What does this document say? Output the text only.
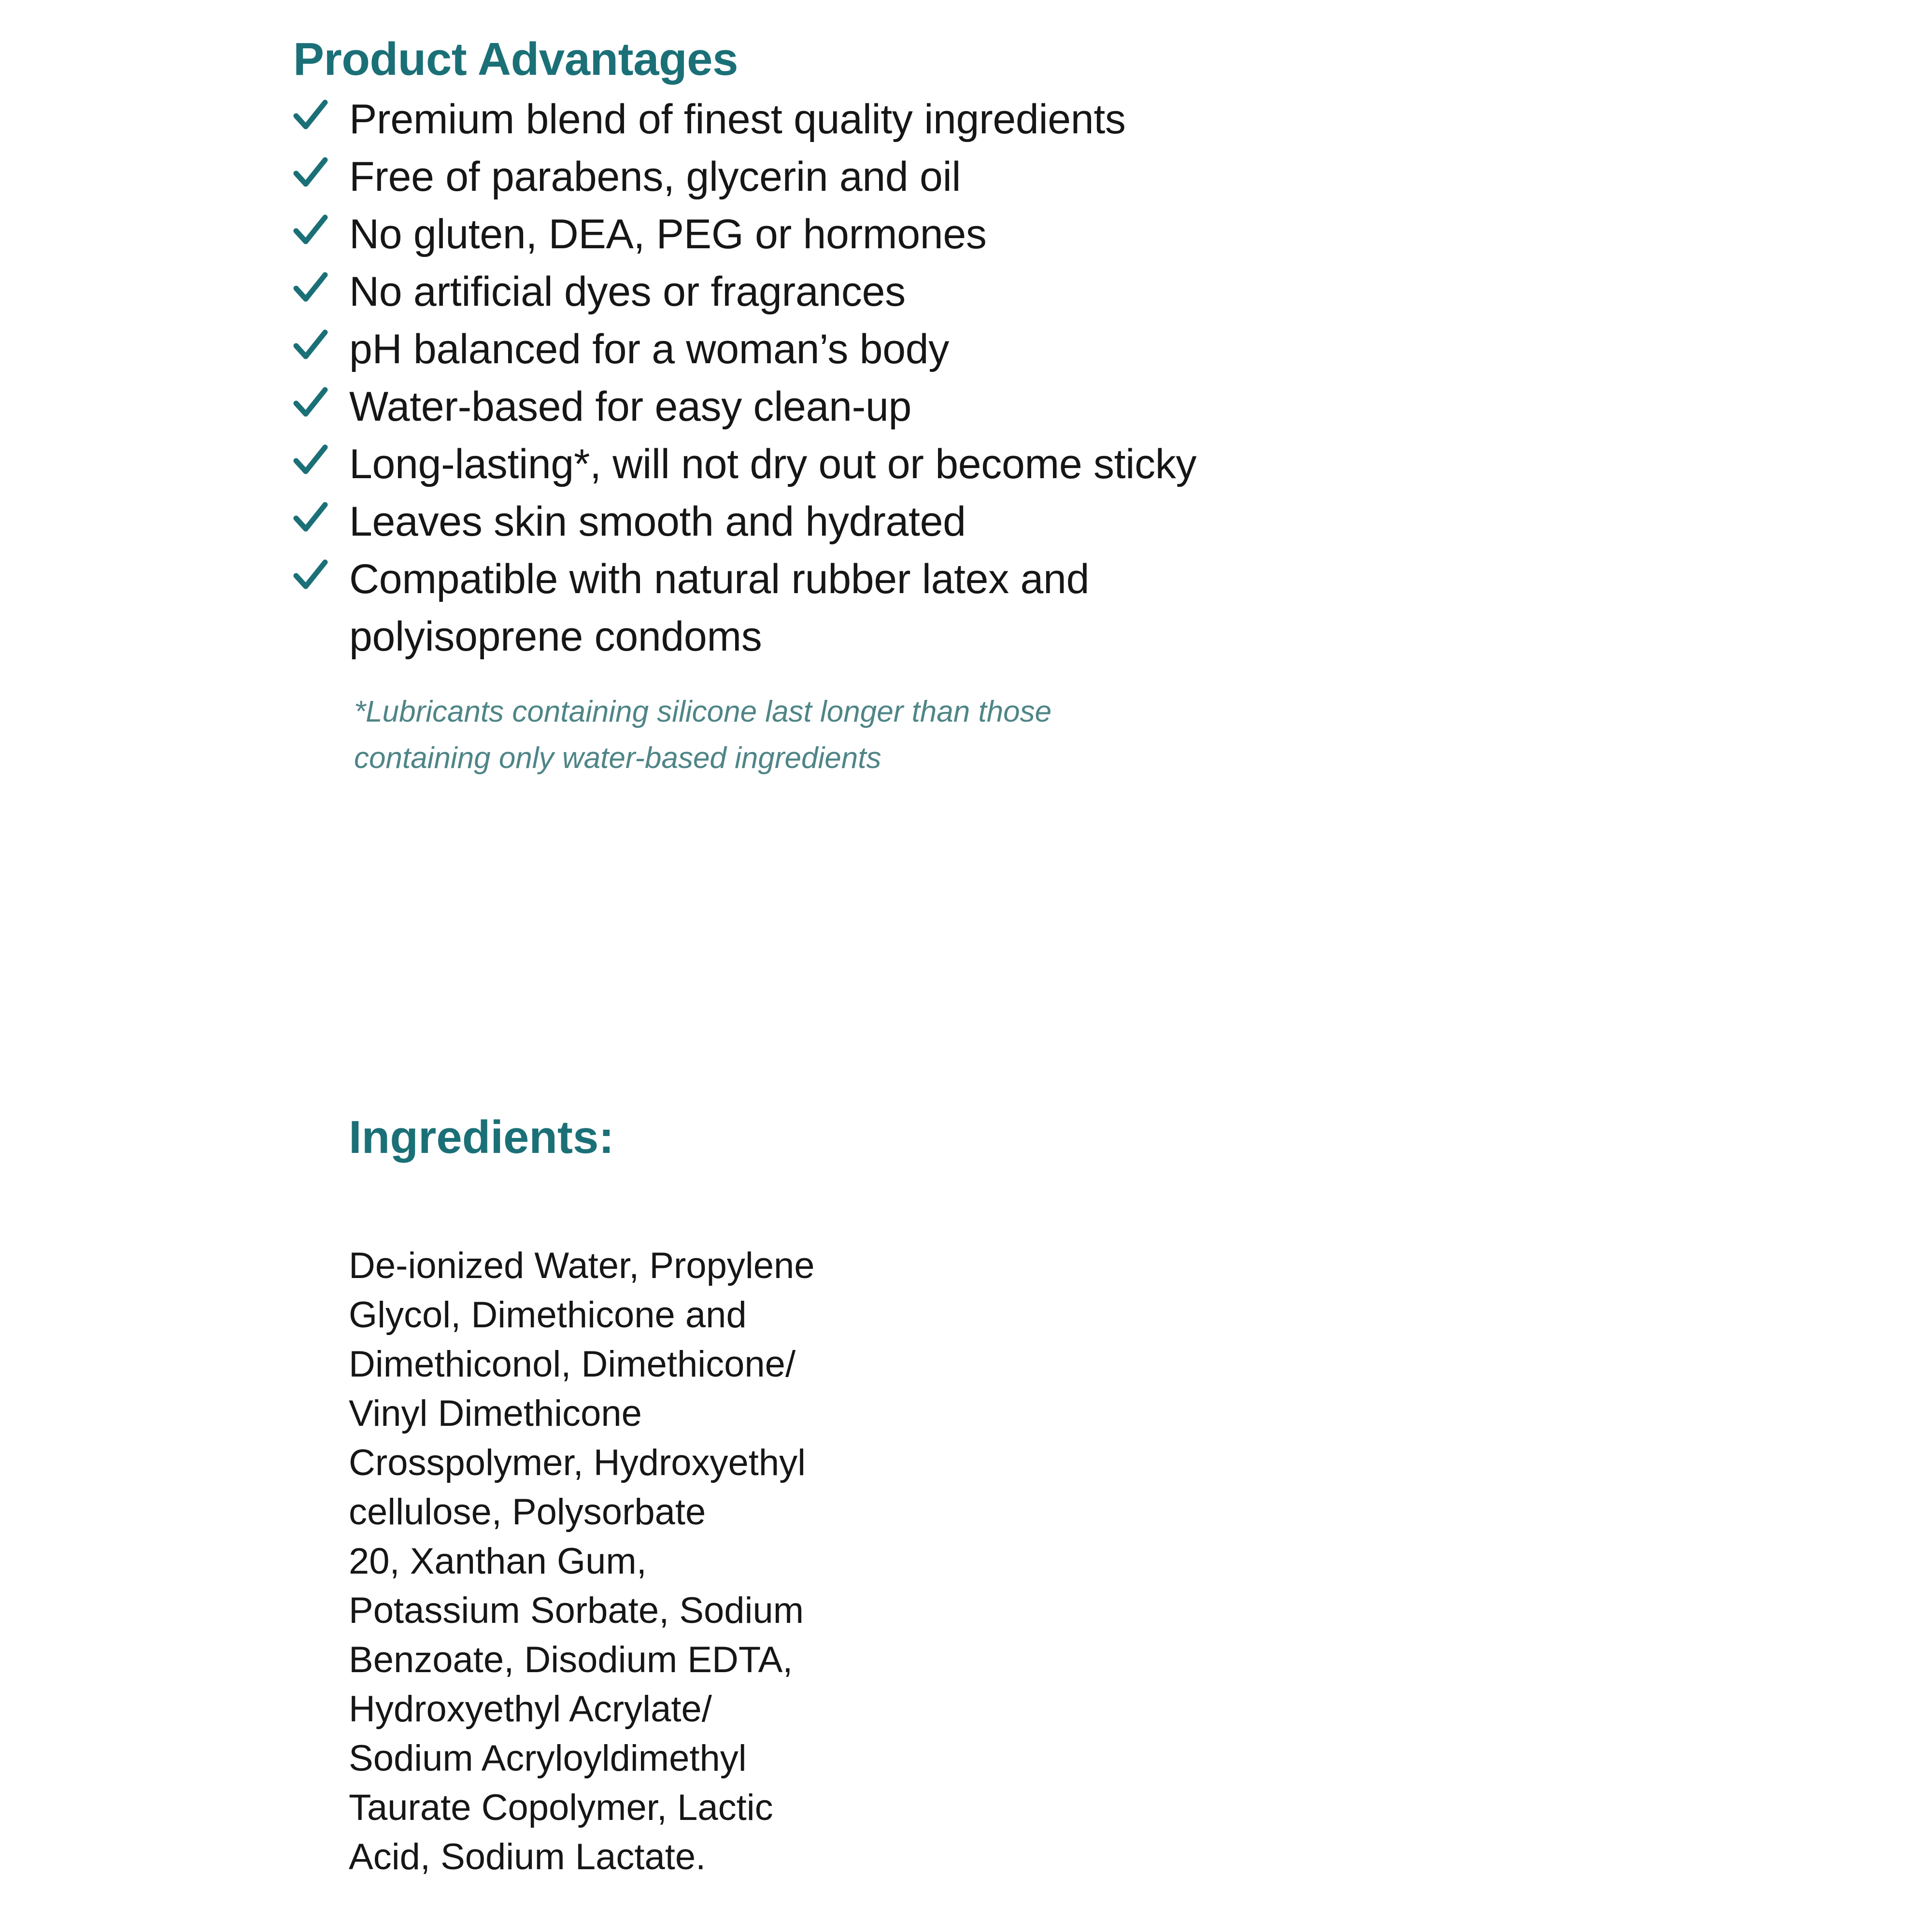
Product Advantages
Premium blend of finest quality ingredients
Free of parabens, glycerin and oil
No gluten, DEA, PEG or hormones
No artificial dyes or fragrances
pH balanced for a woman’s body
Water-based for easy clean-up
Long-lasting*, will not dry out or become sticky
Leaves skin smooth and hydrated
Compatible with natural rubber latex and polyisoprene condoms

*Lubricants containing silicone last longer than those containing only water-based ingredients

Ingredients:

De-ionized Water, Propylene
Glycol, Dimethicone and
Dimethiconol, Dimethicone/
Vinyl Dimethicone
Crosspolymer, Hydroxyethyl
cellulose, Polysorbate
20, Xanthan Gum,
Potassium Sorbate, Sodium
Benzoate, Disodium EDTA,
Hydroxyethyl Acrylate/
Sodium Acryloyldimethyl
Taurate Copolymer, Lactic
Acid, Sodium Lactate.
